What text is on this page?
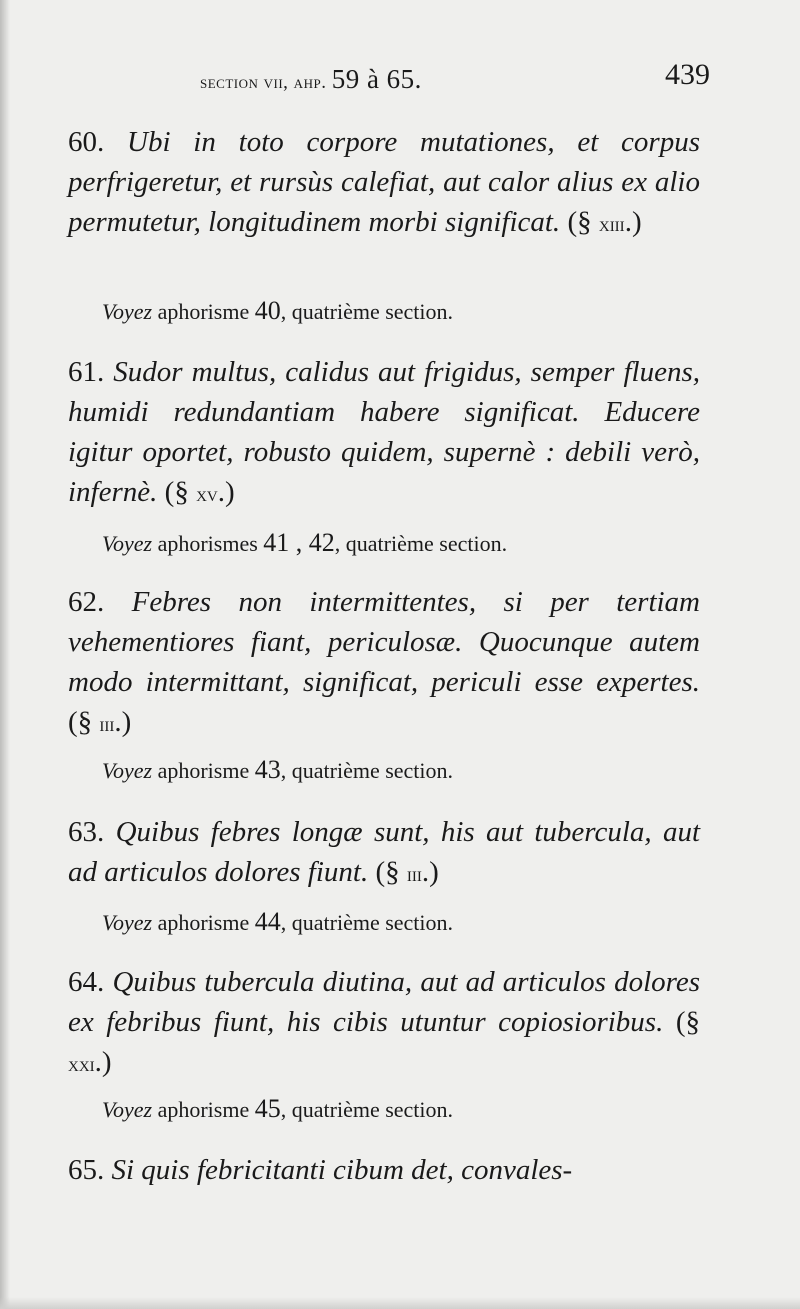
section vii, ahp. 59 à 65.	439
60. Ubi in toto corpore mutationes, et corpus perfrigeretur, et rursùs calefiat, aut calor alius ex alio permutetur, longitudinem morbi significat. (§ xiii.)
Voyez aphorisme 40, quatrième section.
61. Sudor multus, calidus aut frigidus, semper fluens, humidi redundantiam habere significat. Educere igitur oportet, robusto quidem, supernè : debili verò, infernè. (§ xv.)
Voyez aphorismes 41 , 42, quatrième section.
62. Febres non intermittentes, si per tertiam vehementiores fiant, periculosæ. Quocunque autem modo intermittant, significat, periculi esse expertes. (§ iii.)
Voyez aphorisme 43, quatrième section.
63. Quibus febres longæ sunt, his aut tubercula, aut ad articulos dolores fiunt. (§ iii.)
Voyez aphorisme 44, quatrième section.
64. Quibus tubercula diutina, aut ad articulos dolores ex febribus fiunt, his cibis utuntur copiosioribus. (§ xxi.)
Voyez aphorisme 45, quatrième section.
65. Si quis febricitanti cibum det, convales-
